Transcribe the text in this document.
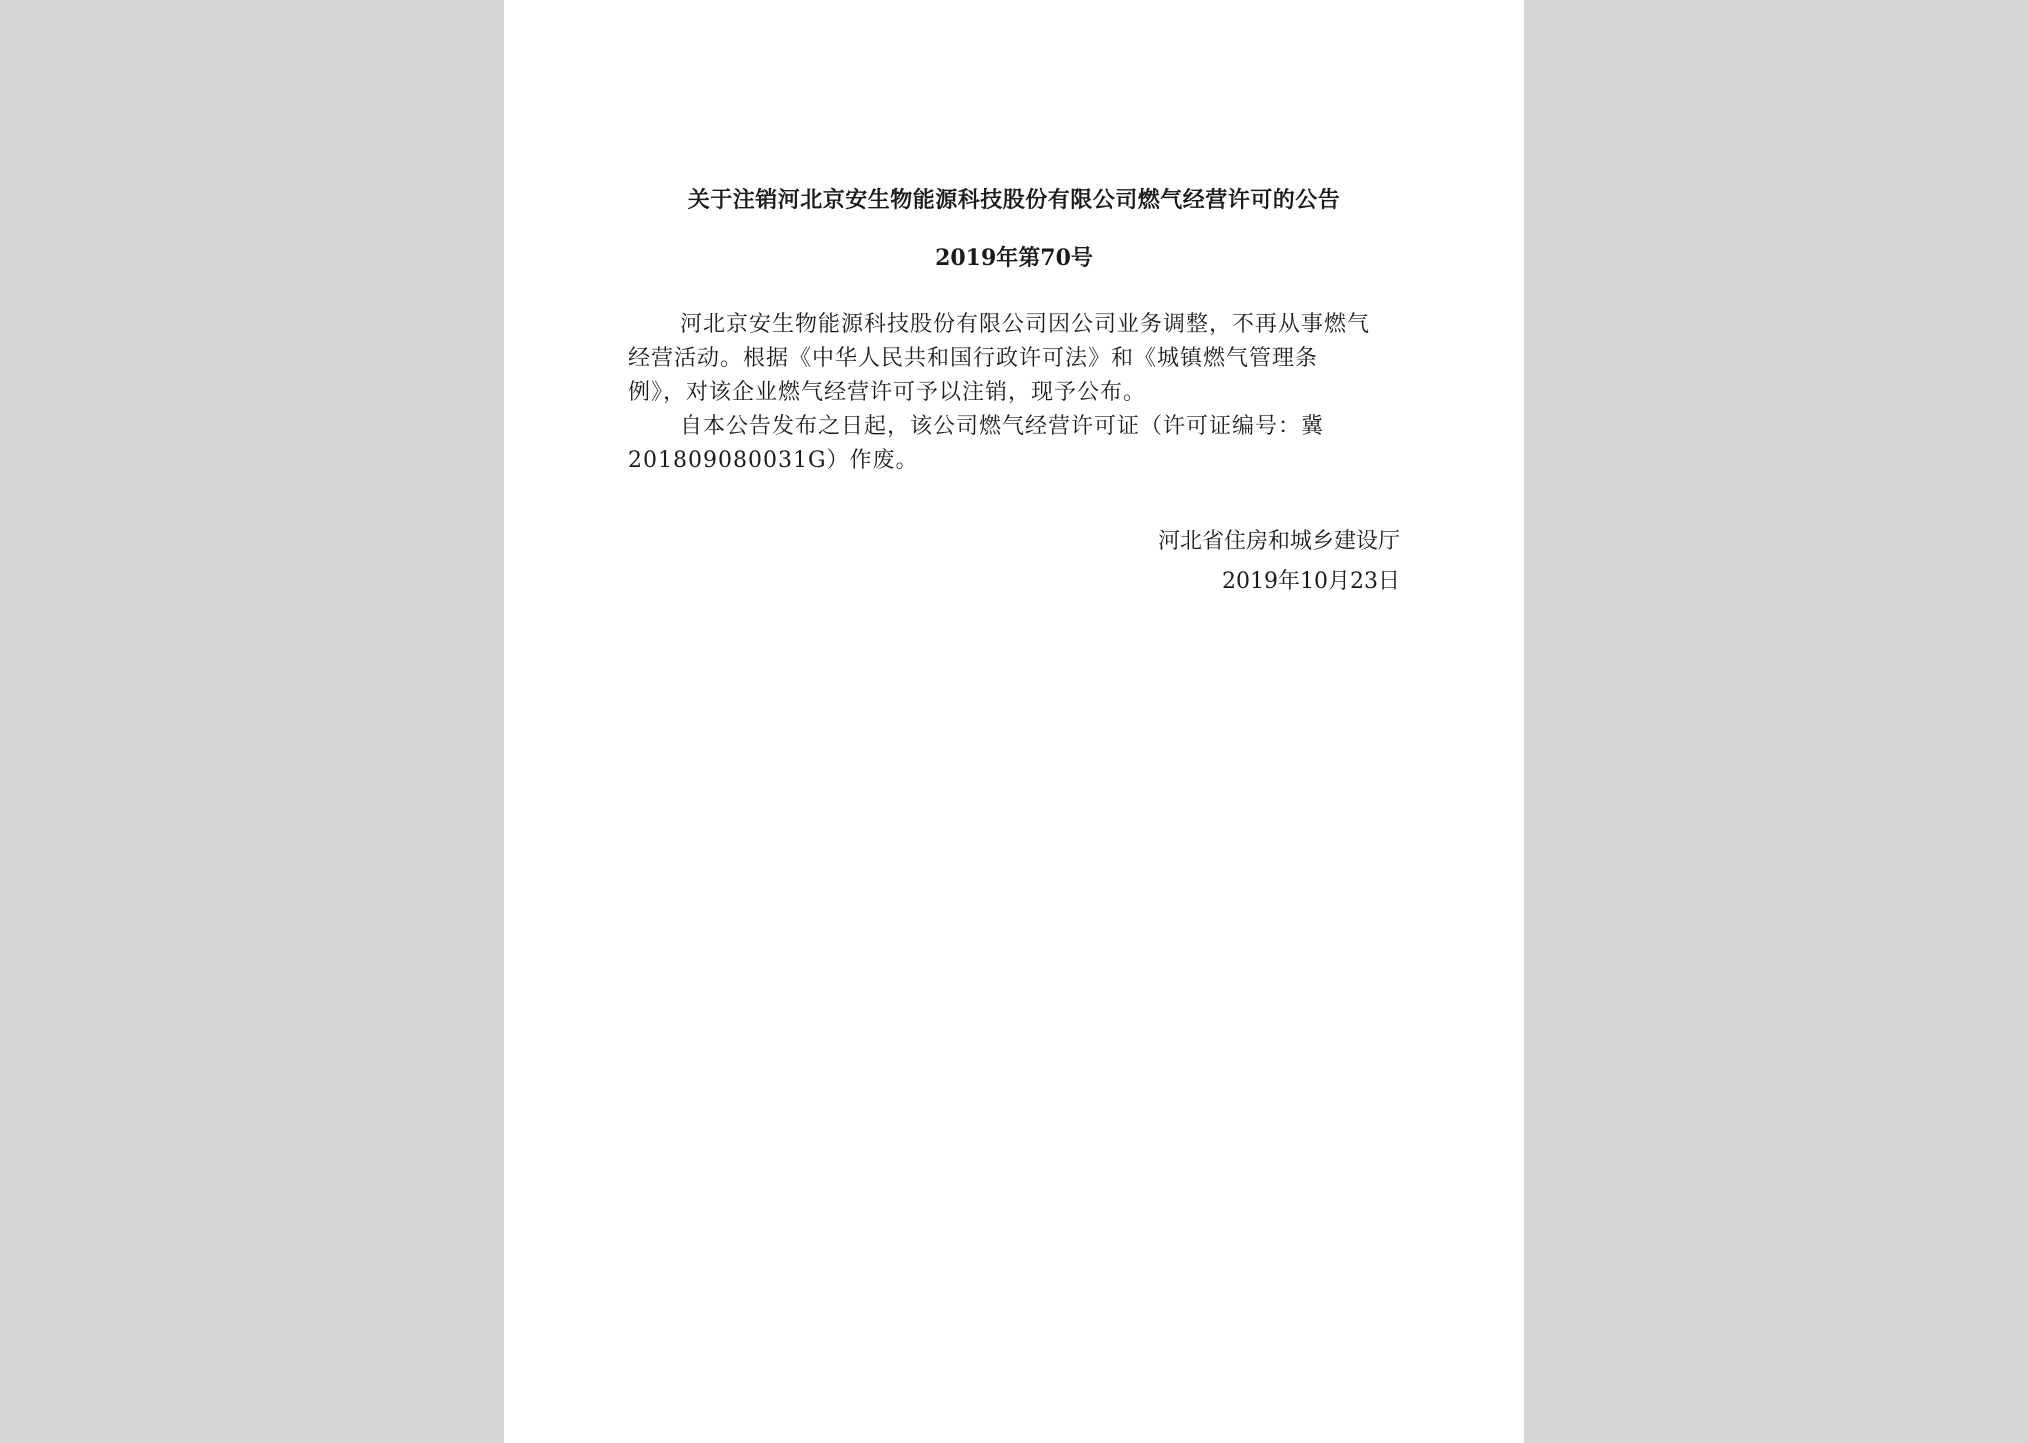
关于注销河北京安生物能源科技股份有限公司燃气经营许可的公告
2019年第70号
河北京安生物能源科技股份有限公司因公司业务调整，不再从事燃气
经营活动。根据《中华人民共和国行政许可法》和《城镇燃气管理条
例》，对该企业燃气经营许可予以注销，现予公布。
自本公告发布之日起，该公司燃气经营许可证（许可证编号：冀
201809080031G）作废。
河北省住房和城乡建设厅
2019年10月23日
